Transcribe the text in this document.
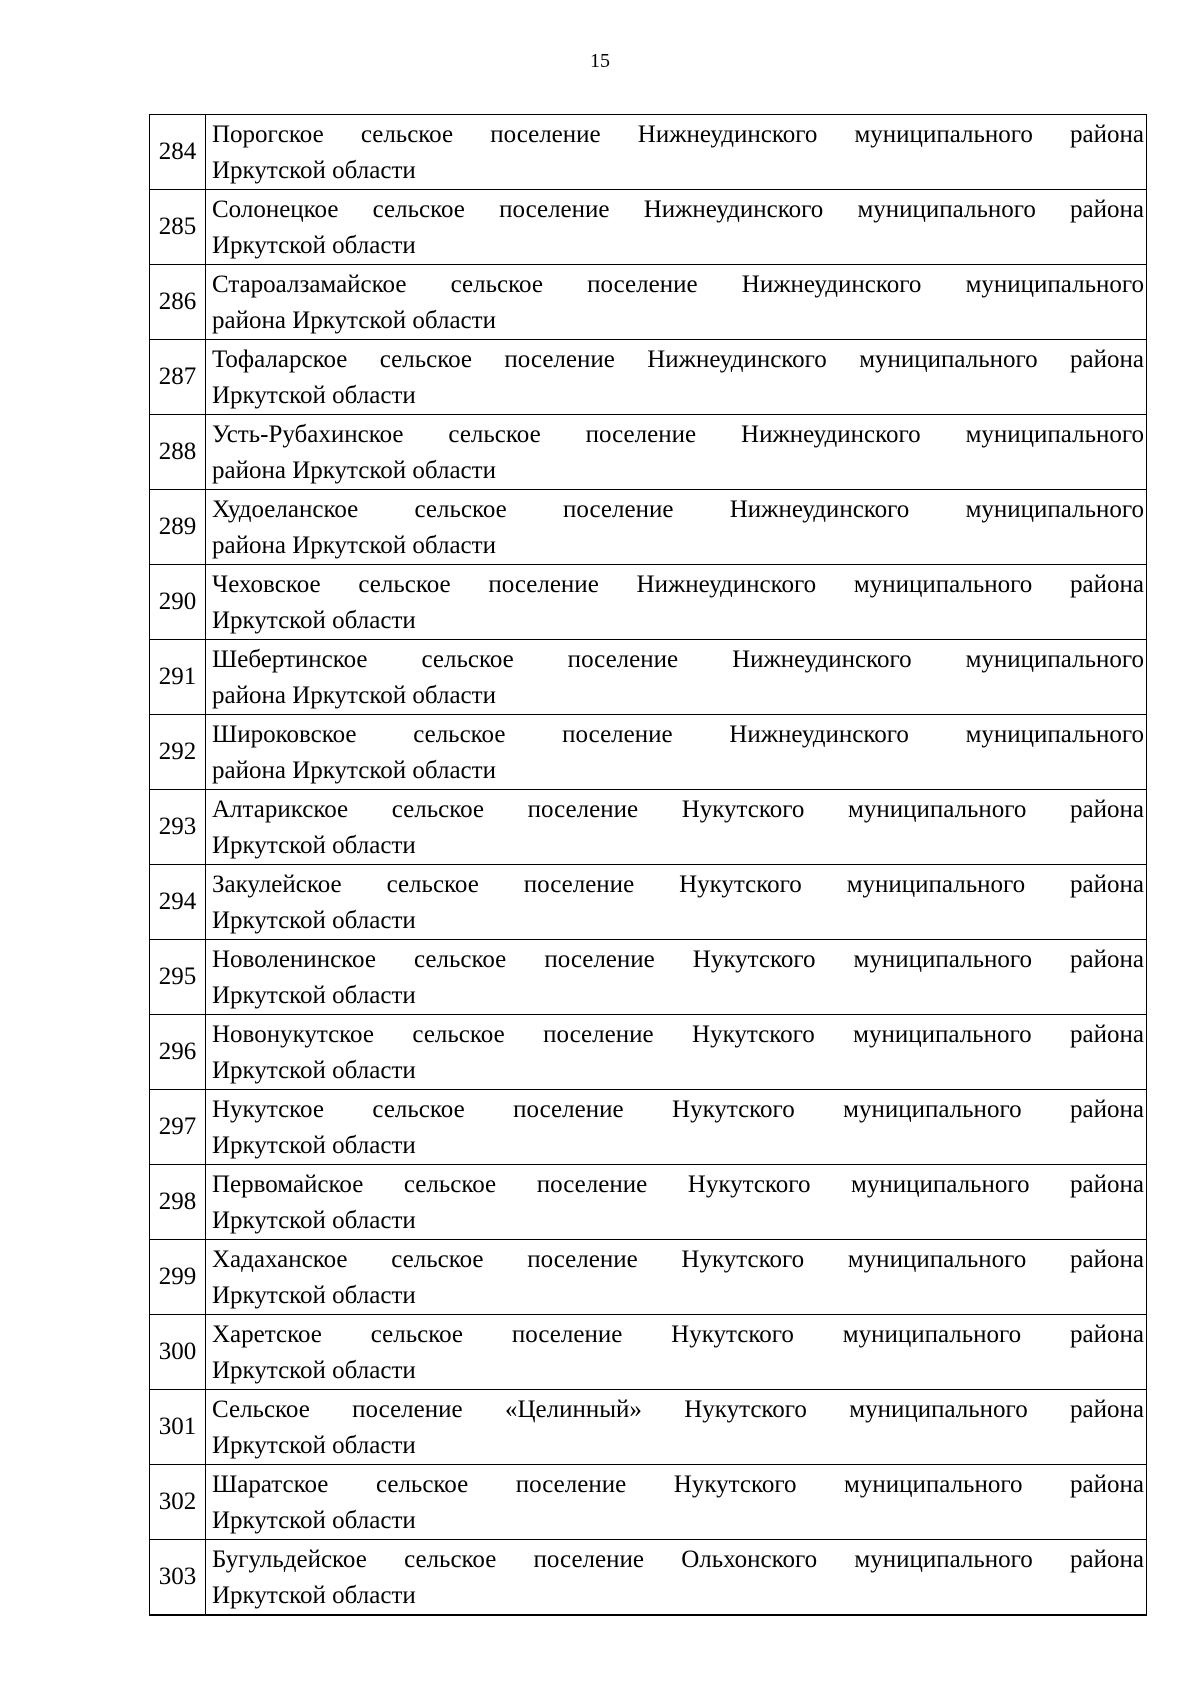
15
284	Порогское сельское поселение Нижнеудинского муниципального района
Иркутской области

285	Солонецкое сельское поселение Нижнеудинского муниципального района
Иркутской области

286	Староалзамайское сельское поселение Нижнеудинского муниципального
района Иркутской области

287	Тофаларское сельское поселение Нижнеудинского муниципального района
Иркутской области

288	Усть-Рубахинское сельское поселение Нижнеудинского муниципального
района Иркутской области

289	Худоеланское сельское поселение Нижнеудинского муниципального
района Иркутской области

290	Чеховское сельское поселение Нижнеудинского муниципального района
Иркутской области

291	Шебертинское сельское поселение Нижнеудинского муниципального
района Иркутской области

292	Широковское сельское поселение Нижнеудинского муниципального
района Иркутской области

293	Алтарикское сельское поселение Нукутского муниципального района
Иркутской области

294	Закулейское сельское поселение Нукутского муниципального района
Иркутской области

295	Новоленинское сельское поселение Нукутского муниципального района
Иркутской области

296	Новонукутское сельское поселение Нукутского муниципального района
Иркутской области

297	Нукутское сельское поселение Нукутского муниципального района
Иркутской области

298	Первомайское сельское поселение Нукутского муниципального района
Иркутской области

299	Хадаханское сельское поселение Нукутского муниципального района
Иркутской области

300	Харетское сельское поселение Нукутского муниципального района
Иркутской области

301	Сельское поселение «Целинный» Нукутского муниципального района
Иркутской области

302	Шаратское сельское поселение Нукутского муниципального района
Иркутской области

303	Бугульдейское сельское поселение Ольхонского муниципального района
Иркутской области
